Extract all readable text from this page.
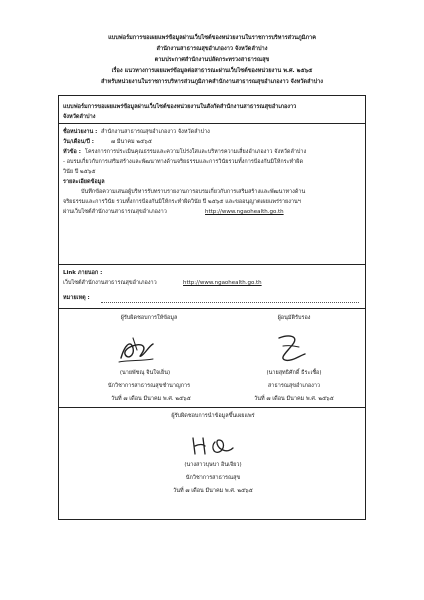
แบบฟอร์มการขอเผยแพร่ข้อมูลผ่านเว็บไซต์ของหน่วยงานในราชการบริหารส่วนภูมิภาค
สำนักงานสาธารณสุขอำเภองาว จังหวัดลำปาง
ตามประกาศสำนักงานปลัดกระทรวงสาธารณสุข
เรื่อง แนวทางการเผยแพร่ข้อมูลต่อสาธารณะผ่านเว็บไซต์ของหน่วยงาน พ.ศ. ๒๕๖๕
สำหรับหน่วยงานในราชการบริหารส่วนภูมิภาคสำนักงานสาธารณสุขอำเภองาว จังหวัดลำปาง
แบบฟอร์มการขอเผยแพร่ข้อมูลผ่านเว็บไซต์ของหน่วยงานในสังกัดสำนักงานสาธารณสุขอำเภองาว
จังหวัดลำปาง
ชื่อหน่วยงาน : สำนักงานสาธารณสุขอำเภองาว จังหวัดลำปาง
วัน/เดือน/ปี :	๗ มีนาคม ๒๕๖๕
หัวข้อ : โครงการการประเมินคุณธรรมและความโปร่งใสและบริหารความเสี่ยงอำเภองาว จังหวัดลำปาง
- อบรมเกี่ยวกับการเสริมสร้างและพัฒนาทางด้านจริยธรรมและการวินัยรวมทั้งการป้องกันมิให้กระทำผิด
วินัย ปี ๒๕๖๕
รายละเอียดข้อมูล
บันทึกข้อความเสนอผู้บริหารรับทราบรายงานการอบรมเกี่ยวกับการเสริมสร้างและพัฒนาทางด้าน
จริยธรรมและการวินัย รวมทั้งการป้องกันมิให้กระทำผิดวินัย ปี ๒๕๖๕ และขออนุญาตเผยแพร่รายงานฯ
ผ่านเว็บไซต์สำนักงานสาธารณสุขอำเภองาว	http://www.ngaohealth.go.th
Link ภายนอก :
เว็บไซต์สำนักงานสาธารณสุขอำเภองาว	http://www.ngaohealth.go.th
หมายเหตุ :
ผู้รับผิดชอบการให้ข้อมูล
(นายพัชณุ จินใจเย็น)
นักวิชาการสาธารณสุขชำนาญการ
วันที่ ๗ เดือน มีนาคม พ.ศ. ๒๕๖๕
ผู้อนุมัติรับรอง
(นายสุทธิศักดิ์ ธีระเชื้อ)
สาธารณสุขอำเภองาว
วันที่ ๗ เดือน มีนาคม พ.ศ. ๒๕๖๕
ผู้รับผิดชอบการนำข้อมูลขึ้นเผยแพร่
(นางสาวบุษบา อินเจียว)
นักวิชาการสาธารณสุข
วันที่ ๗ เดือน มีนาคม พ.ศ. ๒๕๖๕
